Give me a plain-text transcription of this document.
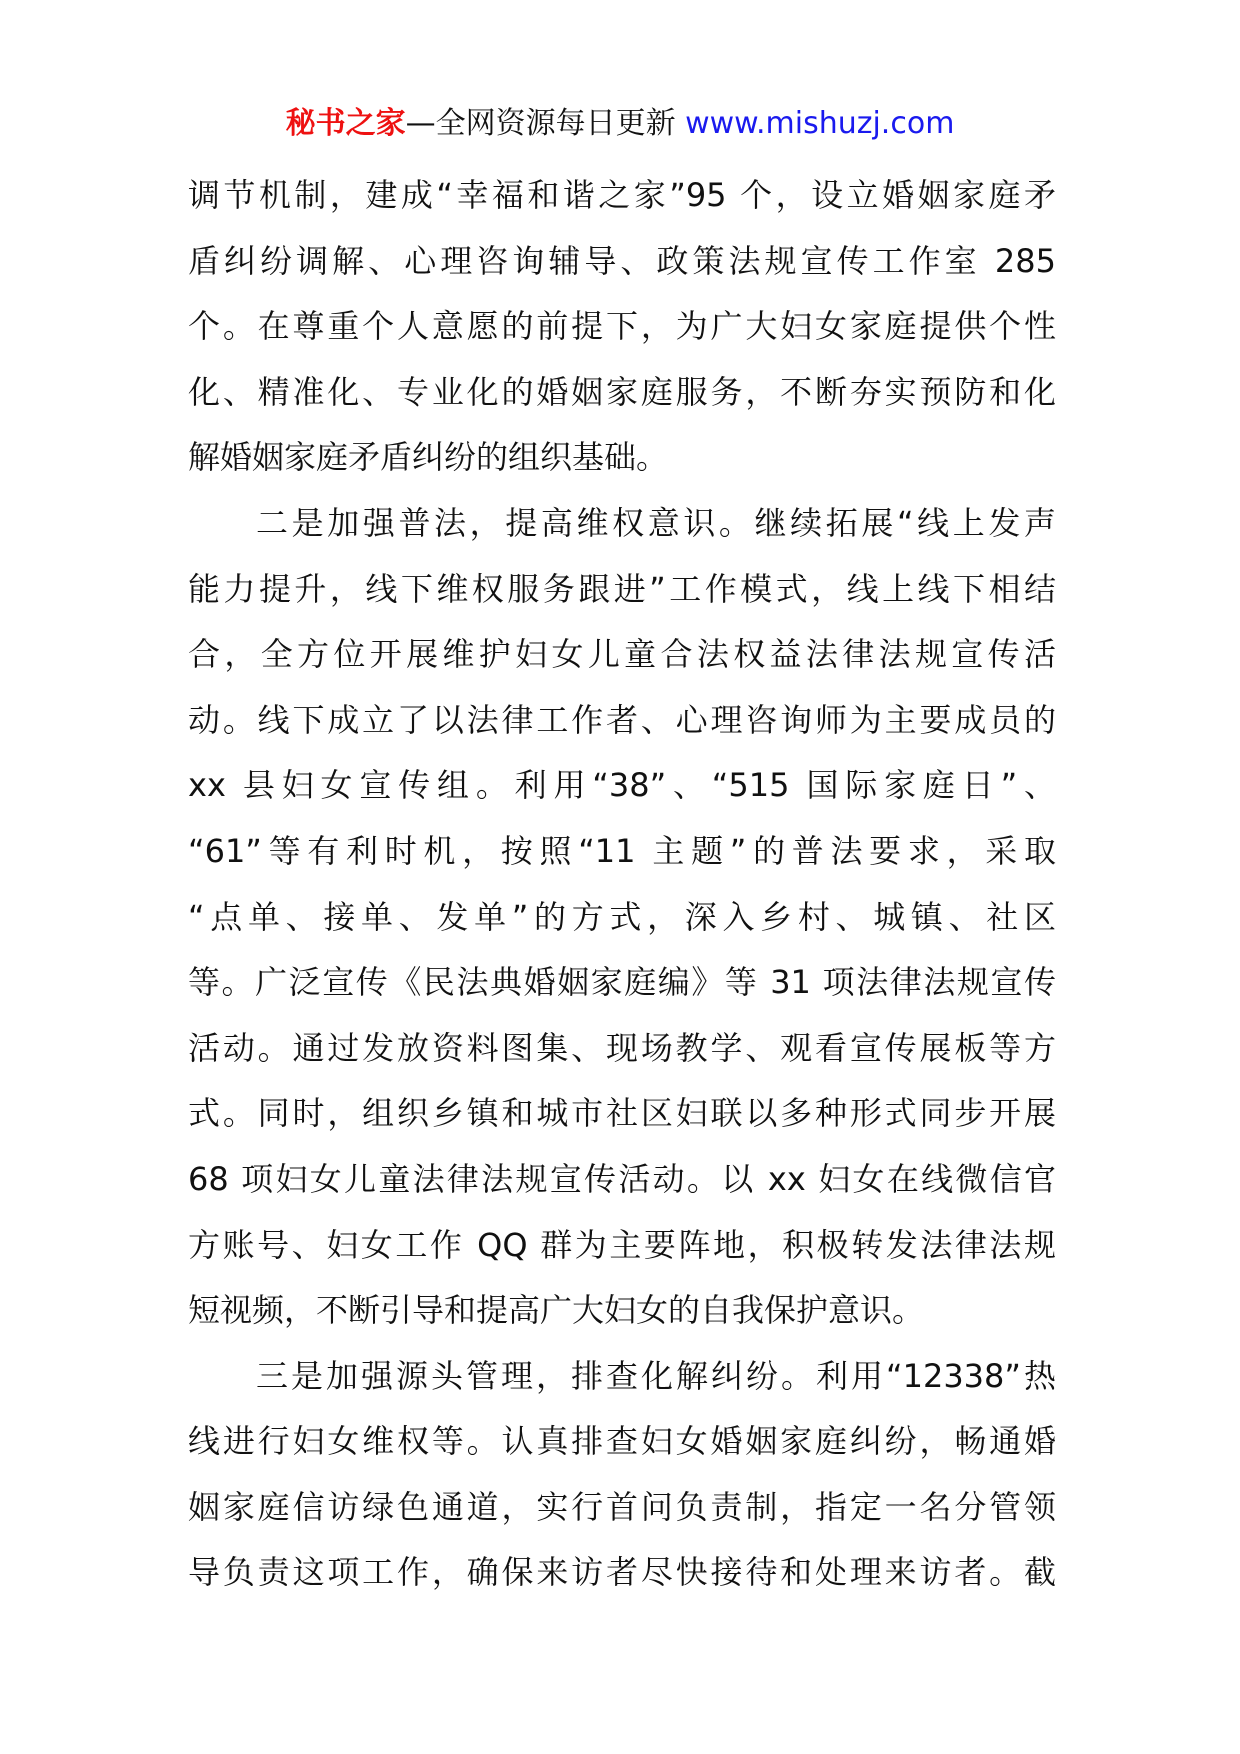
秘书之家—全网资源每日更新 www.mishuzj.com
调节机制，建成“幸福和谐之家”95 个，设立婚姻家庭矛
盾纠纷调解、心理咨询辅导、政策法规宣传工作室 285
个。在尊重个人意愿的前提下，为广大妇女家庭提供个性
化、精准化、专业化的婚姻家庭服务，不断夯实预防和化
解婚姻家庭矛盾纠纷的组织基础。
二是加强普法，提高维权意识。继续拓展“线上发声
能力提升，线下维权服务跟进”工作模式，线上线下相结
合，全方位开展维护妇女儿童合法权益法律法规宣传活
动。线下成立了以法律工作者、心理咨询师为主要成员的
xx 县妇女宣传组。利用“38”、“515 国际家庭日”、
“61”等有利时机，按照“11 主题”的普法要求，采取
“点单、接单、发单”的方式，深入乡村、城镇、社区
等。广泛宣传《民法典婚姻家庭编》等 31 项法律法规宣传
活动。通过发放资料图集、现场教学、观看宣传展板等方
式。同时，组织乡镇和城市社区妇联以多种形式同步开展
68 项妇女儿童法律法规宣传活动。以 xx 妇女在线微信官
方账号、妇女工作 QQ 群为主要阵地，积极转发法律法规
短视频，不断引导和提高广大妇女的自我保护意识。
三是加强源头管理，排查化解纠纷。利用“12338”热
线进行妇女维权等。认真排查妇女婚姻家庭纠纷，畅通婚
姻家庭信访绿色通道，实行首问负责制，指定一名分管领
导负责这项工作，确保来访者尽快接待和处理来访者。截
